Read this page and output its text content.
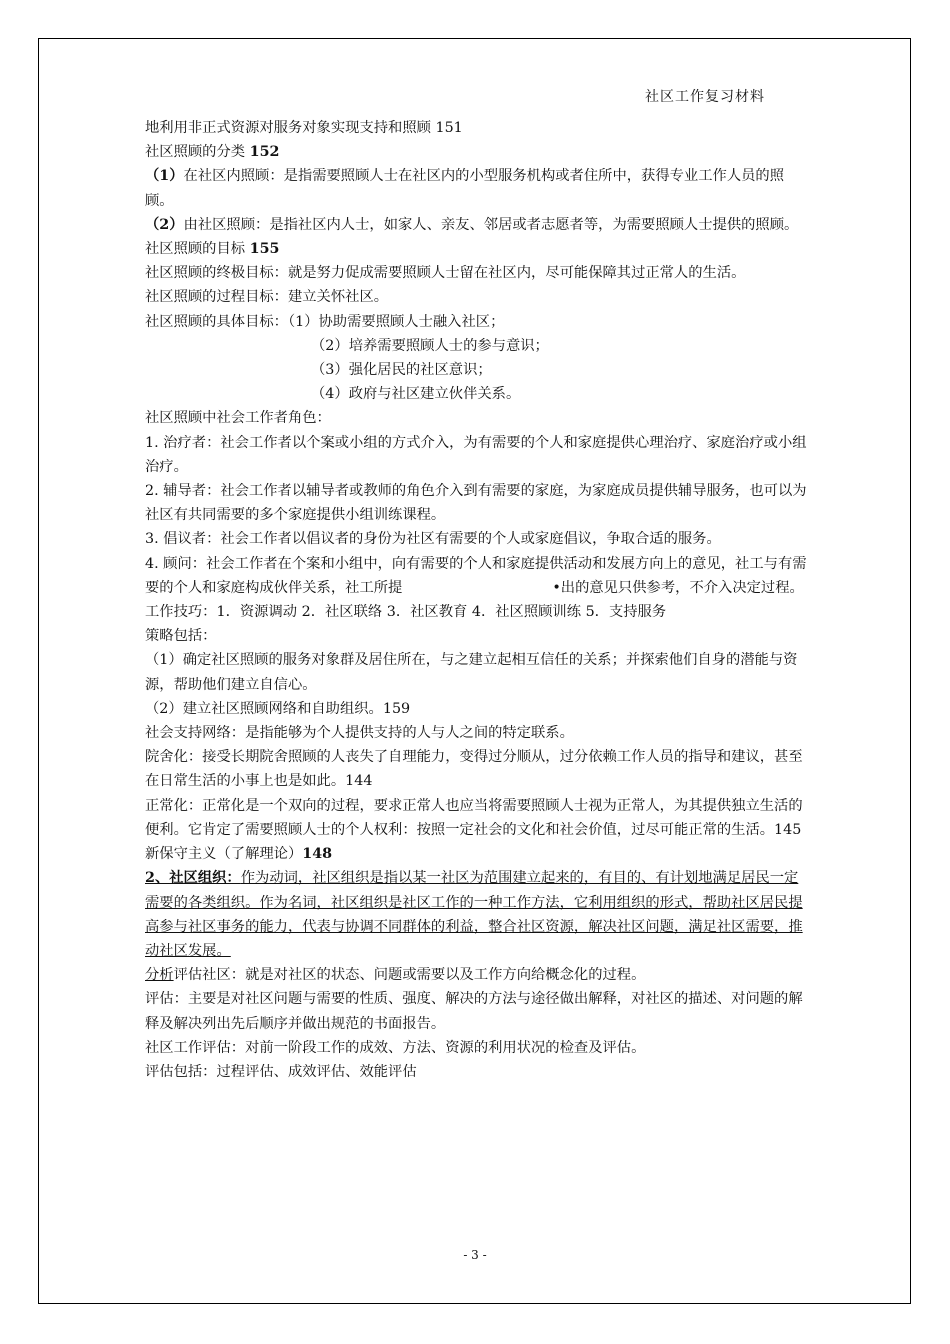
社区工作复习材料

地利用非正式资源对服务对象实现支持和照顾 151

社区照顾的分类 152

（1）在社区内照顾：是指需要照顾人士在社区内的小型服务机构或者住所中，获得专业工作人员的照顾。

（2）由社区照顾：是指社区内人士，如家人、亲友、邻居或者志愿者等，为需要照顾人士提供的照顾。

社区照顾的目标 155

社区照顾的终极目标：就是努力促成需要照顾人士留在社区内，尽可能保障其过正常人的生活。

社区照顾的过程目标：建立关怀社区。

社区照顾的具体目标：（1）协助需要照顾人士融入社区；

（2）培养需要照顾人士的参与意识；

（3）强化居民的社区意识；

（4）政府与社区建立伙伴关系。

社区照顾中社会工作者角色：

1. 治疗者：社会工作者以个案或小组的方式介入，为有需要的个人和家庭提供心理治疗、家庭治疗或小组治疗。

2. 辅导者：社会工作者以辅导者或教师的角色介入到有需要的家庭，为家庭成员提供辅导服务，也可以为社区有共同需要的多个家庭提供小组训练课程。

3. 倡议者：社会工作者以倡议者的身份为社区有需要的个人或家庭倡议，争取合适的服务。

4. 顾问：社会工作者在个案和小组中，向有需要的个人和家庭提供活动和发展方向上的意见，社工与有需要的个人和家庭构成伙伴关系，社工所提	•出的意见只供参考，不介入决定过程。

工作技巧：1．资源调动 2．社区联络 3．社区教育 4．社区照顾训练 5．支持服务

策略包括：

（1）确定社区照顾的服务对象群及居住所在，与之建立起相互信任的关系；并探索他们自身的潜能与资源，帮助他们建立自信心。

（2）建立社区照顾网络和自助组织。159

社会支持网络：是指能够为个人提供支持的人与人之间的特定联系。

院舍化：接受长期院舍照顾的人丧失了自理能力，变得过分顺从，过分依赖工作人员的指导和建议，甚至在日常生活的小事上也是如此。144

正常化：正常化是一个双向的过程，要求正常人也应当将需要照顾人士视为正常人，为其提供独立生活的便利。它肯定了需要照顾人士的个人权利：按照一定社会的文化和社会价值，过尽可能正常的生活。145

新保守主义（了解理论）148

2、社区组织：作为动词，社区组织是指以某一社区为范围建立起来的，有目的、有计划地满足居民一定需要的各类组织。作为名词，社区组织是社区工作的一种工作方法，它利用组织的形式，帮助社区居民提高参与社区事务的能力，代表与协调不同群体的利益，整合社区资源，解决社区问题，满足社区需要，推动社区发展。

分析评估社区：就是对社区的状态、问题或需要以及工作方向给概念化的过程。

评估：主要是对社区问题与需要的性质、强度、解决的方法与途径做出解释，对社区的描述、对问题的解释及解决列出先后顺序并做出规范的书面报告。

社区工作评估：对前一阶段工作的成效、方法、资源的利用状况的检查及评估。

评估包括：过程评估、成效评估、效能评估

- 3 -
